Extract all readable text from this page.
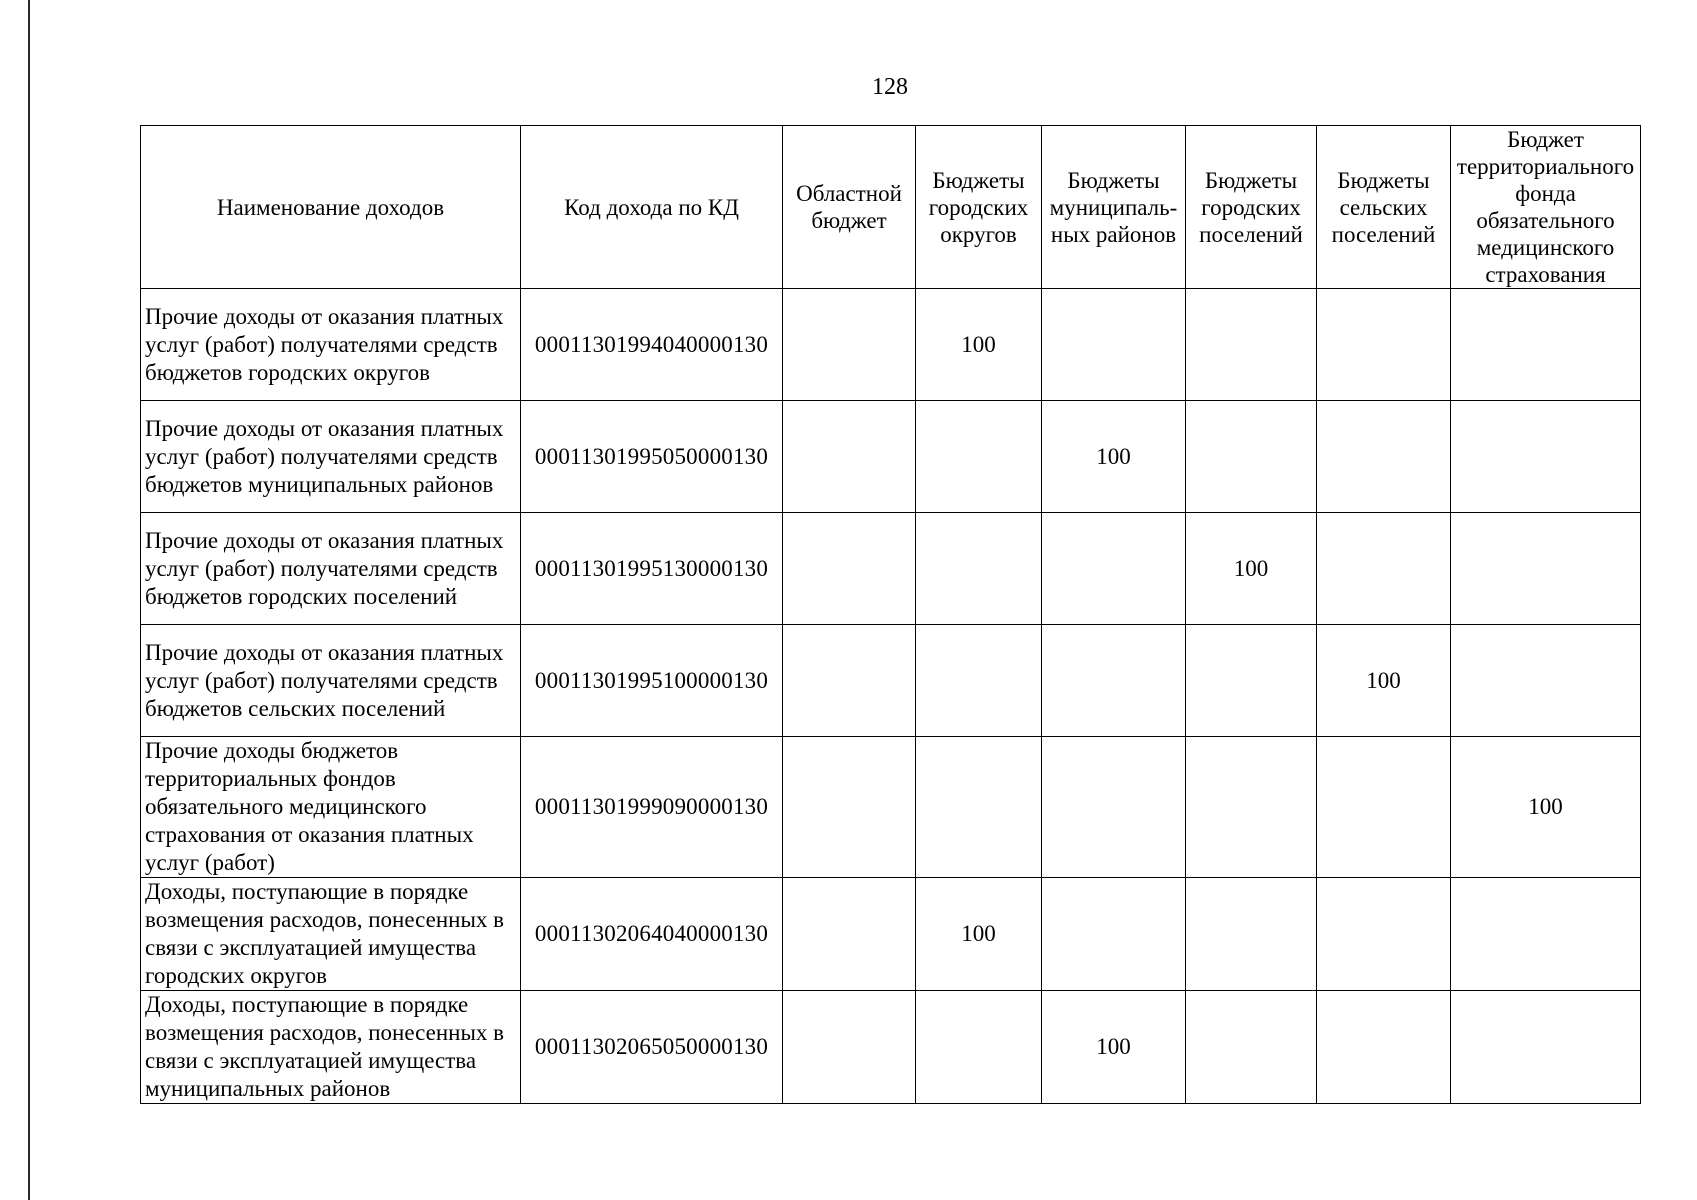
128
Наименование доходов	Код дохода по КД	Областной бюджет	Бюджеты городских округов	Бюджеты муниципаль-ных районов	Бюджеты городских поселений	Бюджеты сельских поселений	Бюджет территориального фонда обязательного медицинского страхования
Прочие доходы от оказания платных услуг (работ) получателями средств бюджетов городских округов	00011301994040000130		100				
Прочие доходы от оказания платных услуг (работ) получателями средств бюджетов муниципальных районов	00011301995050000130			100			
Прочие доходы от оказания платных услуг (работ) получателями средств бюджетов городских поселений	00011301995130000130				100		
Прочие доходы от оказания платных услуг (работ) получателями средств бюджетов сельских поселений	00011301995100000130					100	
Прочие доходы бюджетов территориальных фондов обязательного медицинского страхования от оказания платных услуг (работ)	00011301999090000130						100
Доходы, поступающие в порядке возмещения расходов, понесенных в связи с эксплуатацией имущества городских округов	00011302064040000130		100				
Доходы, поступающие в порядке возмещения расходов, понесенных в связи с эксплуатацией имущества муниципальных районов	00011302065050000130			100			
